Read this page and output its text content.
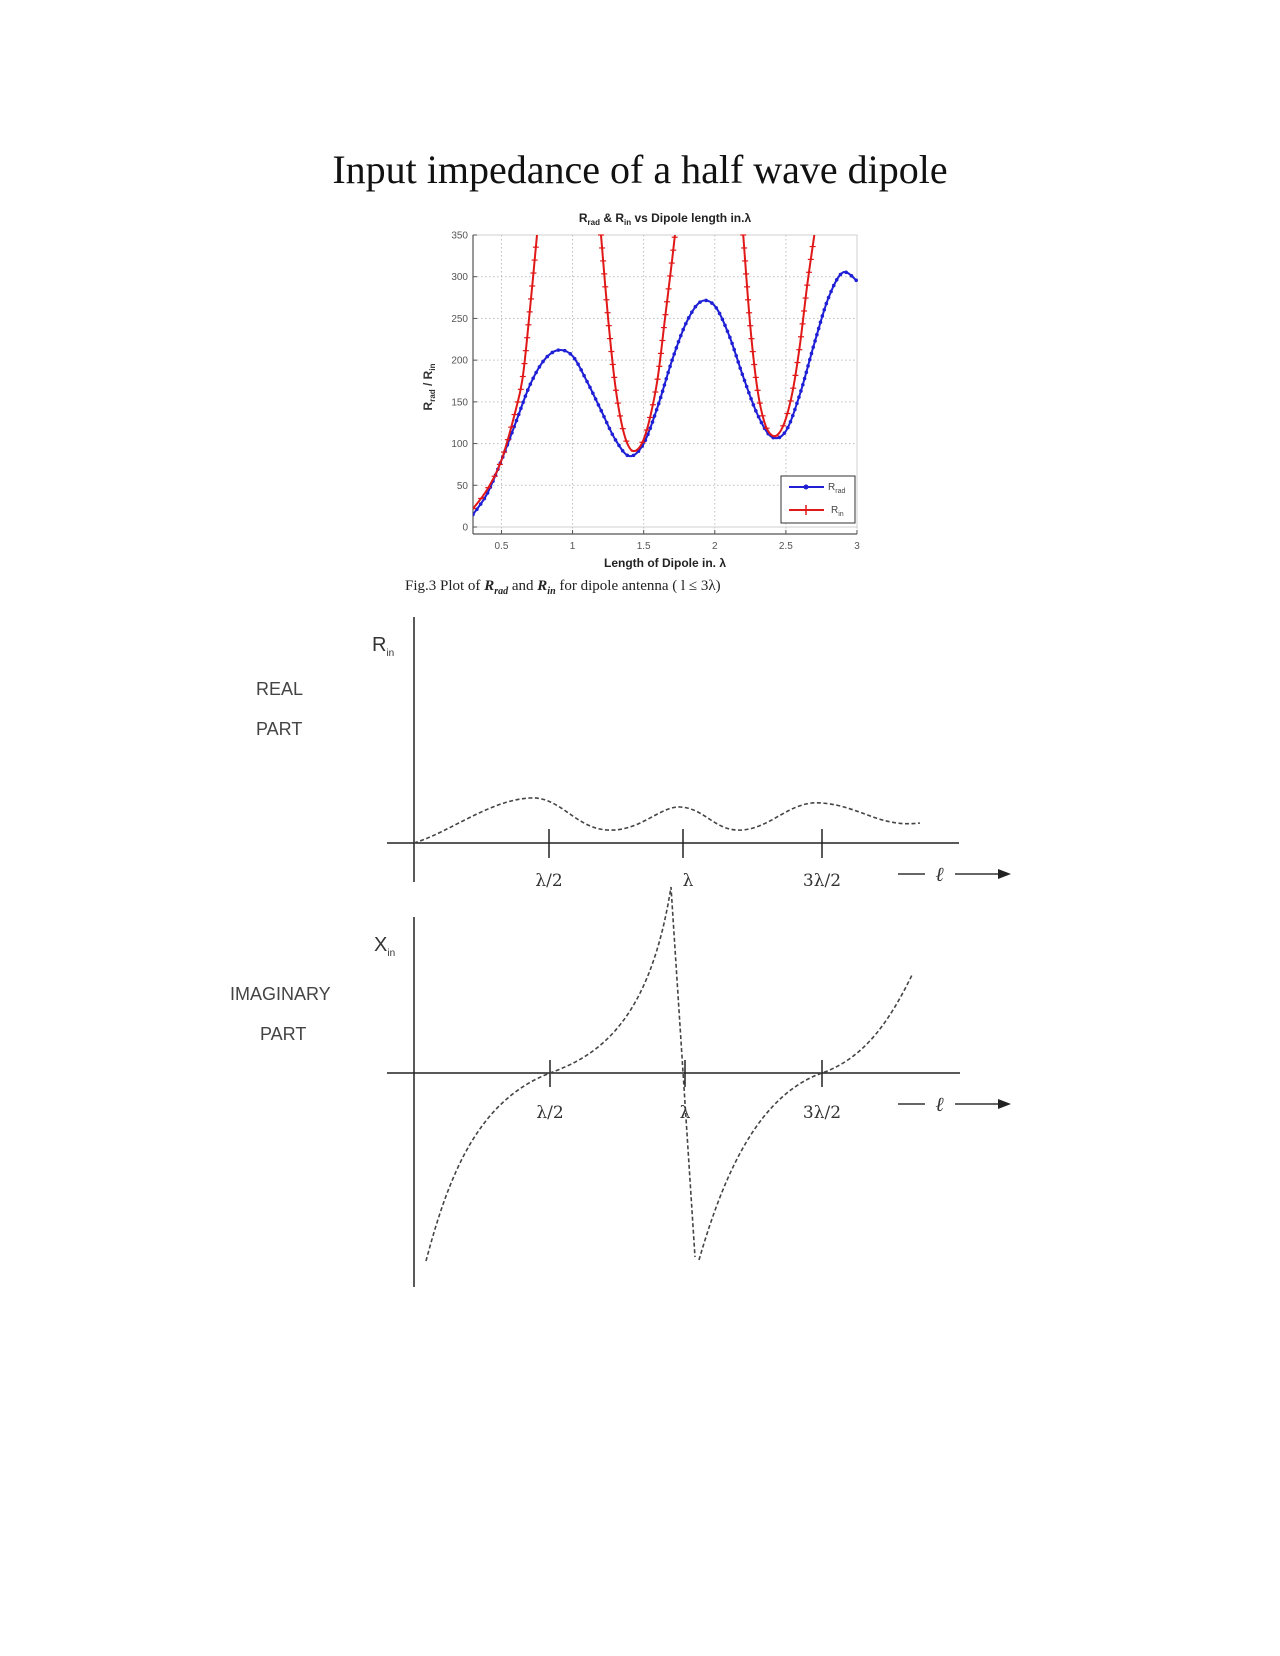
Input impedance of a half wave dipole
$R_{rad}$ & $R_{in}$ vs Dipole length in.λ
0
50
100
150
200
250
300
350
0.5	1	1.5	2	2.5	3
$R_{rad} / R_{in}$
Length of Dipole in. λ
$R_{rad}$
$R_{in}$
$R_{in}$
λ/2	λ	3λ/2	ℓ
$X_{in}$
λ/2	λ	3λ/2	ℓ
Fig.3 Plot of $R_{rad}$ and $R_{in}$ for dipole antenna ( l ≤ 3λ)
REAL
PART
IMAGINARY
PART
